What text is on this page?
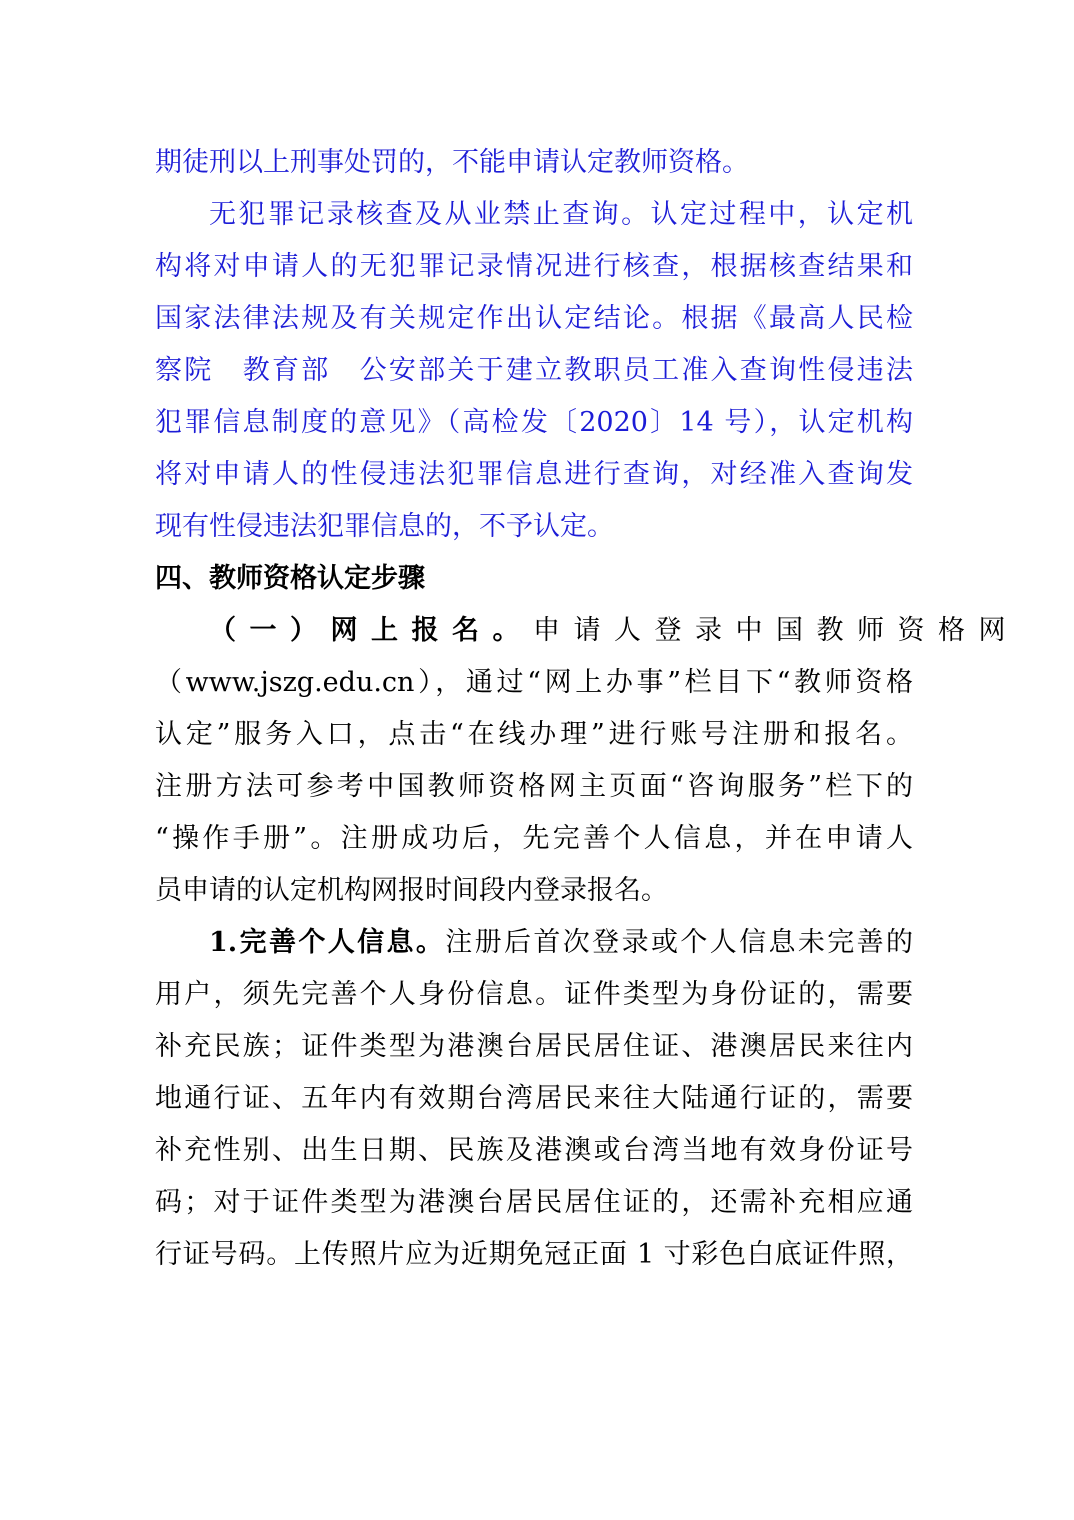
期徒刑以上刑事处罚的，不能申请认定教师资格。
无犯罪记录核查及从业禁止查询。认定过程中，认定机
构将对申请人的无犯罪记录情况进行核查，根据核查结果和
国家法律法规及有关规定作出认定结论。根据《最高人民检
察院　教育部　公安部关于建立教职员工准入查询性侵违法
犯罪信息制度的意见》（高检发〔2020〕14 号），认定机构
将对申请人的性侵违法犯罪信息进行查询，对经准入查询发
现有性侵违法犯罪信息的，不予认定。
四、教师资格认定步骤
（一）网上报名。申请人登录中国教师资格网
（www.jszg.edu.cn），通过“网上办事”栏目下“教师资格
认定”服务入口，点击“在线办理”进行账号注册和报名。
注册方法可参考中国教师资格网主页面“咨询服务”栏下的
“操作手册”。注册成功后，先完善个人信息，并在申请人
员申请的认定机构网报时间段内登录报名。
1.完善个人信息。注册后首次登录或个人信息未完善的
用户，须先完善个人身份信息。证件类型为身份证的，需要
补充民族；证件类型为港澳台居民居住证、港澳居民来往内
地通行证、五年内有效期台湾居民来往大陆通行证的，需要
补充性别、出生日期、民族及港澳或台湾当地有效身份证号
码；对于证件类型为港澳台居民居住证的，还需补充相应通
行证号码。上传照片应为近期免冠正面 1 寸彩色白底证件照，
